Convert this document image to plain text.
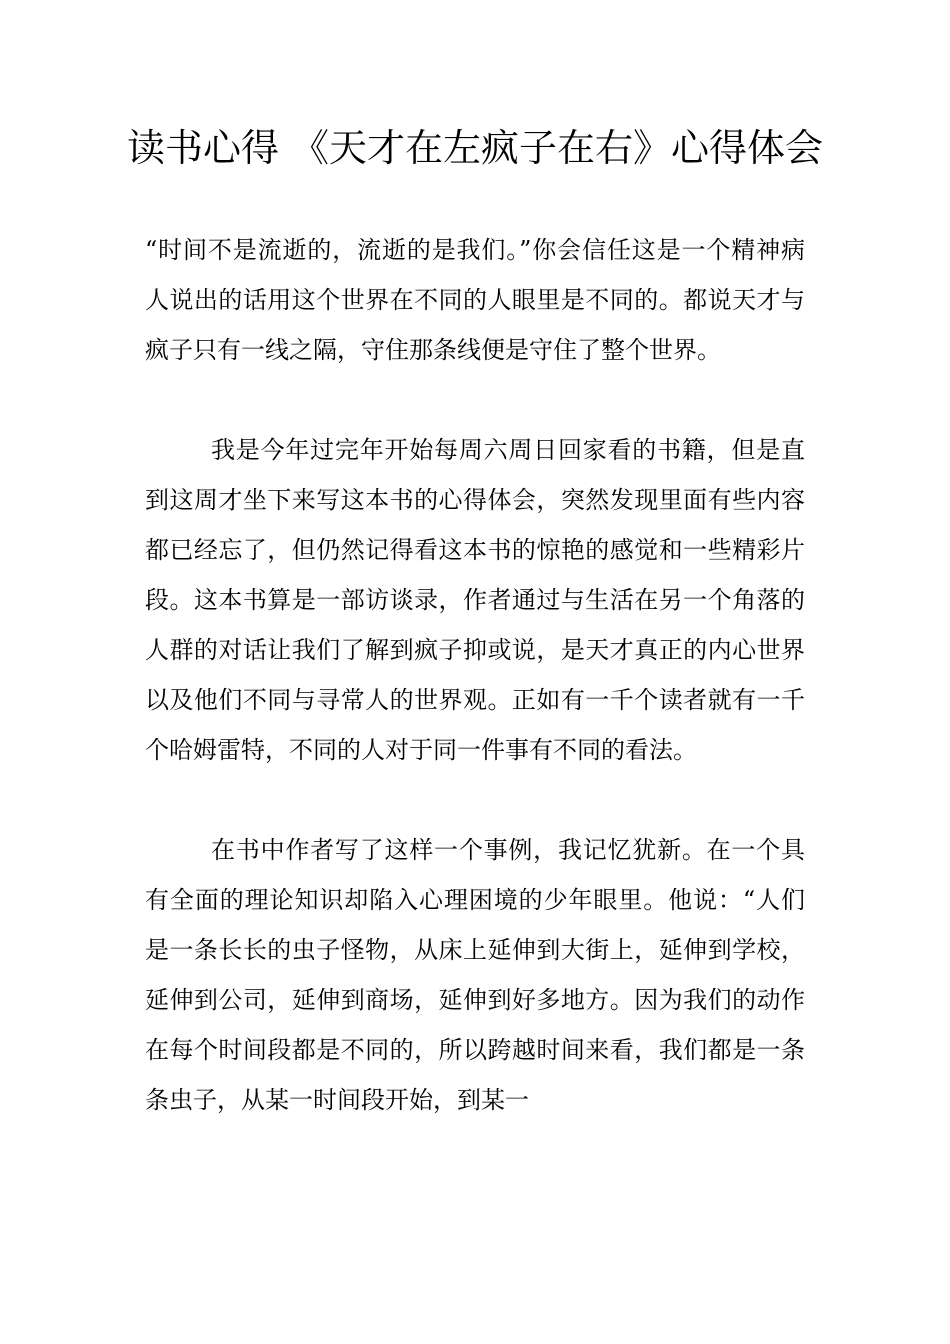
读书心得 《天才在左疯子在右》心得体会

“时间不是流逝的，流逝的是我们。”你会信任这是一个精神病人说出的话用这个世界在不同的人眼里是不同的。都说天才与疯子只有一线之隔，守住那条线便是守住了整个世界。

我是今年过完年开始每周六周日回家看的书籍，但是直到这周才坐下来写这本书的心得体会，突然发现里面有些内容都已经忘了，但仍然记得看这本书的惊艳的感觉和一些精彩片段。这本书算是一部访谈录，作者通过与生活在另一个角落的人群的对话让我们了解到疯子抑或说，是天才真正的内心世界以及他们不同与寻常人的世界观。正如有一千个读者就有一千个哈姆雷特，不同的人对于同一件事有不同的看法。

在书中作者写了这样一个事例，我记忆犹新。在一个具有全面的理论知识却陷入心理困境的少年眼里。他说：“人们是一条长长的虫子怪物，从床上延伸到大街上，延伸到学校，延伸到公司，延伸到商场，延伸到好多地方。因为我们的动作在每个时间段都是不同的，所以跨越时间来看，我们都是一条条虫子，从某一时间段开始，到某一
